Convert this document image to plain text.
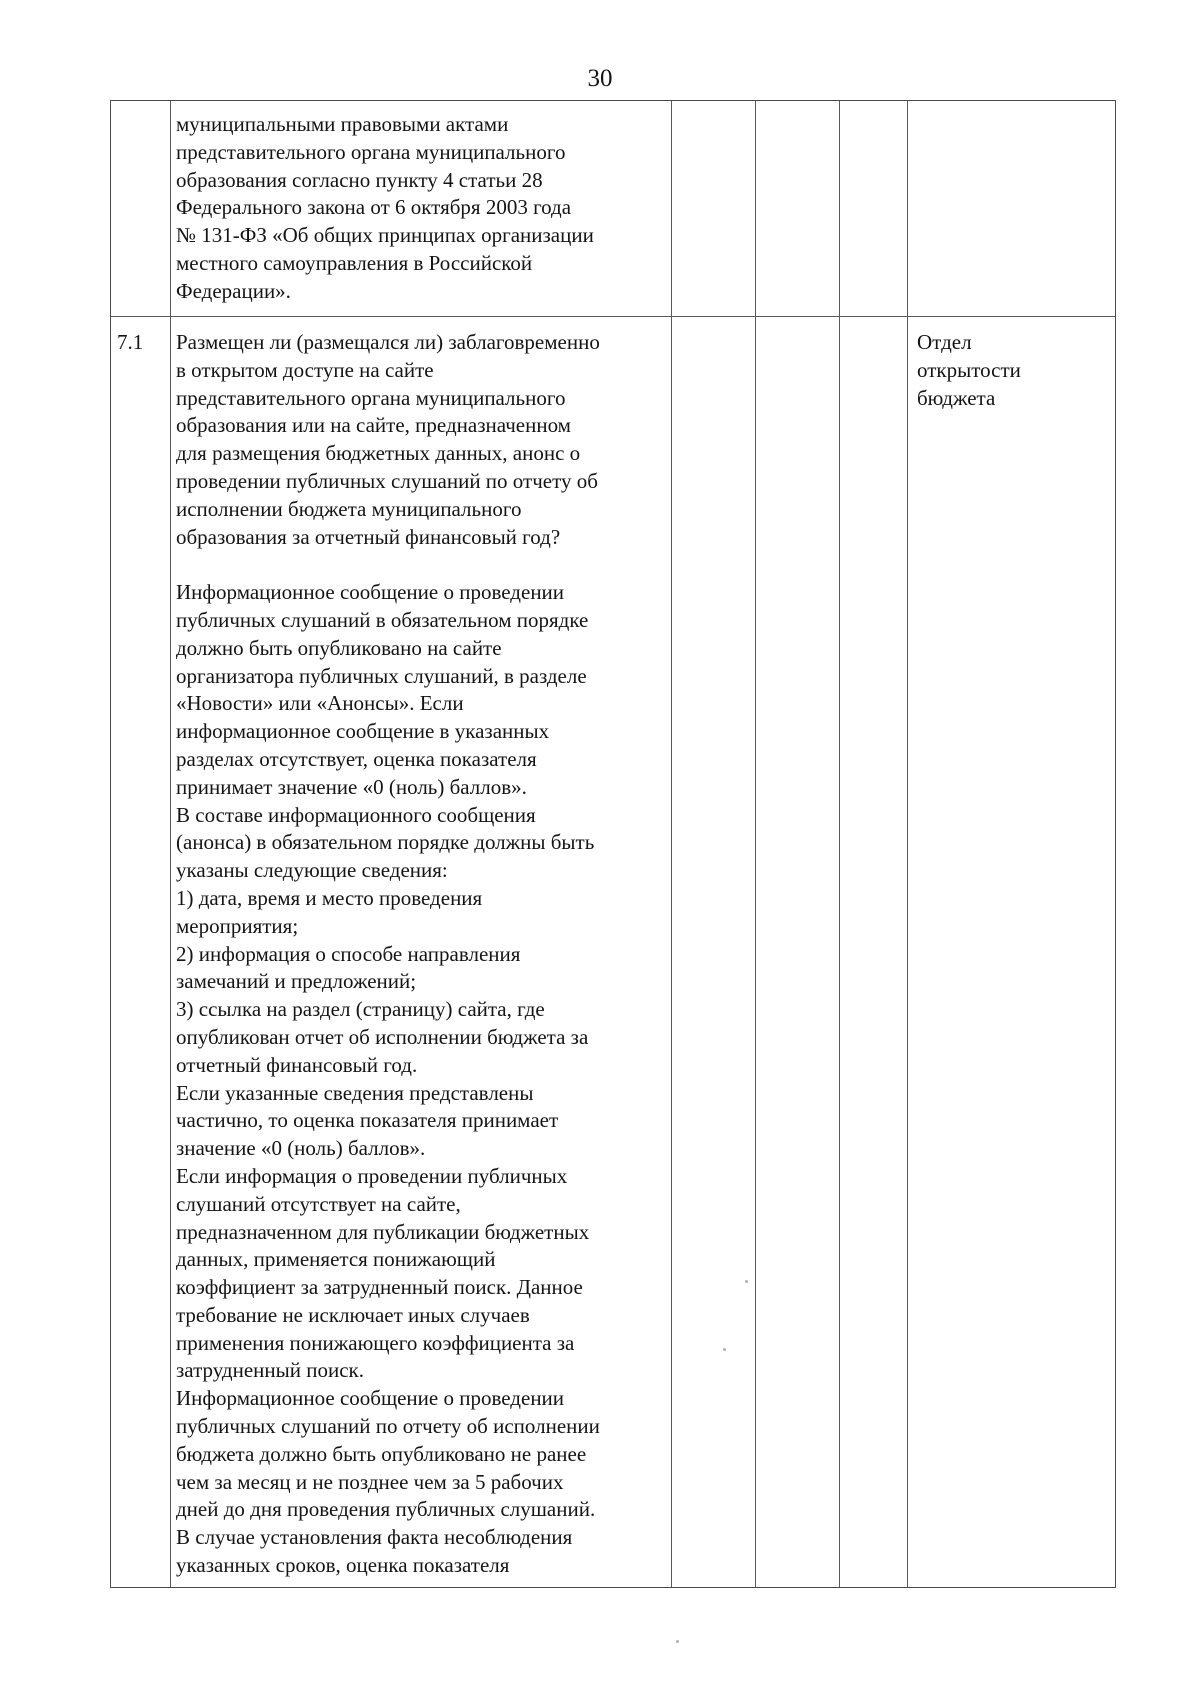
30

муниципальными правовыми актами
представительного органа муниципального
образования согласно пункту 4 статьи 28
Федерального закона от 6 октября 2003 года
№ 131-ФЗ «Об общих принципах организации
местного самоуправления в Российской
Федерации».

7.1 Размещен ли (размещался ли) заблаговременно
в открытом доступе на сайте
представительного органа муниципального
образования или на сайте, предназначенном
для размещения бюджетных данных, анонс о
проведении публичных слушаний по отчету об
исполнении бюджета муниципального
образования за отчетный финансовый год?

Информационное сообщение о проведении
публичных слушаний в обязательном порядке
должно быть опубликовано на сайте
организатора публичных слушаний, в разделе
«Новости» или «Анонсы». Если
информационное сообщение в указанных
разделах отсутствует, оценка показателя
принимает значение «0 (ноль) баллов».
В составе информационного сообщения
(анонса) в обязательном порядке должны быть
указаны следующие сведения:
1) дата, время и место проведения
мероприятия;
2) информация о способе направления
замечаний и предложений;
3) ссылка на раздел (страницу) сайта, где
опубликован отчет об исполнении бюджета за
отчетный финансовый год.
Если указанные сведения представлены
частично, то оценка показателя принимает
значение «0 (ноль) баллов».
Если информация о проведении публичных
слушаний отсутствует на сайте,
предназначенном для публикации бюджетных
данных, применяется понижающий
коэффициент за затрудненный поиск. Данное
требование не исключает иных случаев
применения понижающего коэффициента за
затрудненный поиск.
Информационное сообщение о проведении
публичных слушаний по отчету об исполнении
бюджета должно быть опубликовано не ранее
чем за месяц и не позднее чем за 5 рабочих
дней до дня проведения публичных слушаний.
В случае установления факта несоблюдения
указанных сроков, оценка показателя

Отдел
открытости
бюджета
